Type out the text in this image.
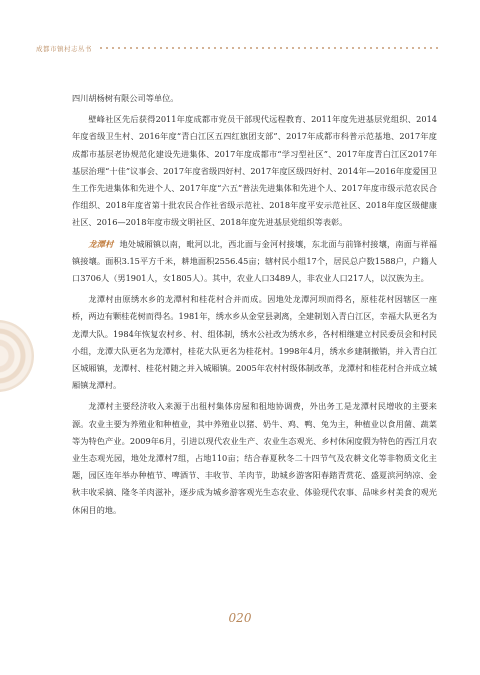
成都市镇村志丛书

四川胡杨树有限公司等单位。

壁峰社区先后获得2011年度成都市党员干部现代远程教育、2011年度先进基层党组织、2014年度省级卫生村、2016年度“青白江区五四红旗团支部”、2017年成都市科普示范基地、2017年度成都市基层老协规范化建设先进集体、2017年度成都市“学习型社区”、2017年度青白江区2017年基层治理“十佳”议事会、2017年度省级四好村、2017年度区级四好村、2014年—2016年度爱国卫生工作先进集体和先进个人、2017年度“六五”普法先进集体和先进个人、2017年度市级示范农民合作组织、2018年度省第十批农民合作社省级示范社、2018年度平安示范社区、2018年度区级健康社区、2016—2018年度市级文明社区、2018年度先进基层党组织等表彰。

龙潭村 地处城厢镇以南，毗河以北，西北面与金河村接壤，东北面与前锋村接壤，南面与祥福镇接壤。面积3.15平方千米，耕地面积2556.45亩；辖村民小组17个，居民总户数1588户，户籍人口3706人（男1901人，女1805人）。其中，农业人口3489人，非农业人口217人，以汉族为主。

龙潭村由原绣水乡的龙潭村和桂花村合并而成。因地处龙潭河坝而得名，原桂花村因辖区一座桥，两边有颗桂花树而得名。1981年，绣水乡从金堂县剥离，全建制划入青白江区，幸福大队更名为龙潭大队。1984年恢复农村乡、村、组体制，绣水公社改为绣水乡，各村相继建立村民委员会和村民小组，龙潭大队更名为龙潭村，桂花大队更名为桂花村。1998年4月，绣水乡建制撤销，并入青白江区城厢镇，龙潭村、桂花村随之并入城厢镇。2005年农村村级体制改革，龙潭村和桂花村合并成立城厢镇龙潭村。

龙潭村主要经济收入来源于出租村集体房屋和租地协调费，外出务工是龙潭村民增收的主要来源。农业主要为养殖业和种植业，其中养殖业以猪、奶牛、鸡、鸭、兔为主，种植业以食用菌、蔬菜等为特色产业。2009年6月，引进以现代农业生产、农业生态观光、乡村休闲度假为特色的西江月农业生态观光园，地处龙潭村7组，占地110亩；结合春夏秋冬二十四节气及农耕文化等非物质文化主题，园区连年举办种植节、啤酒节、丰收节、羊肉节，助城乡游客阳春踏青赏花、盛夏滨河纳凉、金秋丰收采摘、隆冬羊肉滋补，逐步成为城乡游客观光生态农业、体验现代农事、品味乡村美食的观光休闲目的地。

020
